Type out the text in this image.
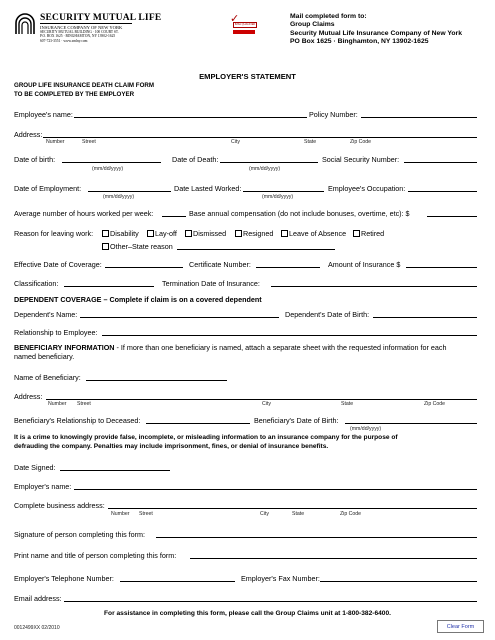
SECURITY MUTUAL LIFE
INSURANCE COMPANY OF NEW YORK
SECURITY MUTUAL BUILDING · 100 COURT ST.
P.O. BOX 1625 · BINGHAMTON, NY 13902-1625
607-723-3551 · www.smlny.com
✓
IMSA QUALIFIED
Mail completed form to:
Group Claims
Security Mutual Life Insurance Company of New York
PO Box 1625 · Binghamton, NY 13902-1625
EMPLOYER'S STATEMENT
GROUP LIFE INSURANCE DEATH CLAIM FORM
TO BE COMPLETED BY THE EMPLOYER
Employee's name:	Policy Number:
Address:
Number	Street	City	State	Zip Code
Date of birth:
(mm/dd/yyyy)
Date of Death:
(mm/dd/yyyy)
Social Security Number:
Date of Employment:
(mm/dd/yyyy)
Date Lasted Worked:
(mm/dd/yyyy)
Employee's Occupation:
Average number of hours worked per week:	Base annual compensation (do not include bonuses, overtime, etc): $
Reason for leaving work:	Disability	Lay-off	Dismissed	Resigned	Leave of Absence	Retired
Other–State reason
Effective Date of Coverage:	Certificate Number:	Amount of Insurance $
Classification:	Termination Date of Insurance:
DEPENDENT COVERAGE – Complete if claim is on a covered dependent
Dependent's Name:	Dependent's Date of Birth:
Relationship to Employee:
BENEFICIARY INFORMATION - If more than one beneficiary is named, attach a separate sheet with the requested information for each
named beneficiary.
Name of Beneficiary:
Address:
Number Street	City	State	Zip Code
Beneficiary's Relationship to Deceased:	Beneficiary's Date of Birth:
(mm/dd/yyyy)
It is a crime to knowingly provide false, incomplete, or misleading information to an insurance company for the purpose of
defrauding the company. Penalties may include imprisonment, fines, or denial of insurance benefits.
Date Signed:
Employer's name:
Complete business address:
Number Street	City	State	Zip Code
Signature of person completing this form:
Print name and title of person completing this form:
Employer's Telephone Number:	Employer's Fax Number:
Email address:
For assistance in completing this form, please call the Group Claims unit at 1-800-382-6400.
0012499XX 02/2010	Clear Form
